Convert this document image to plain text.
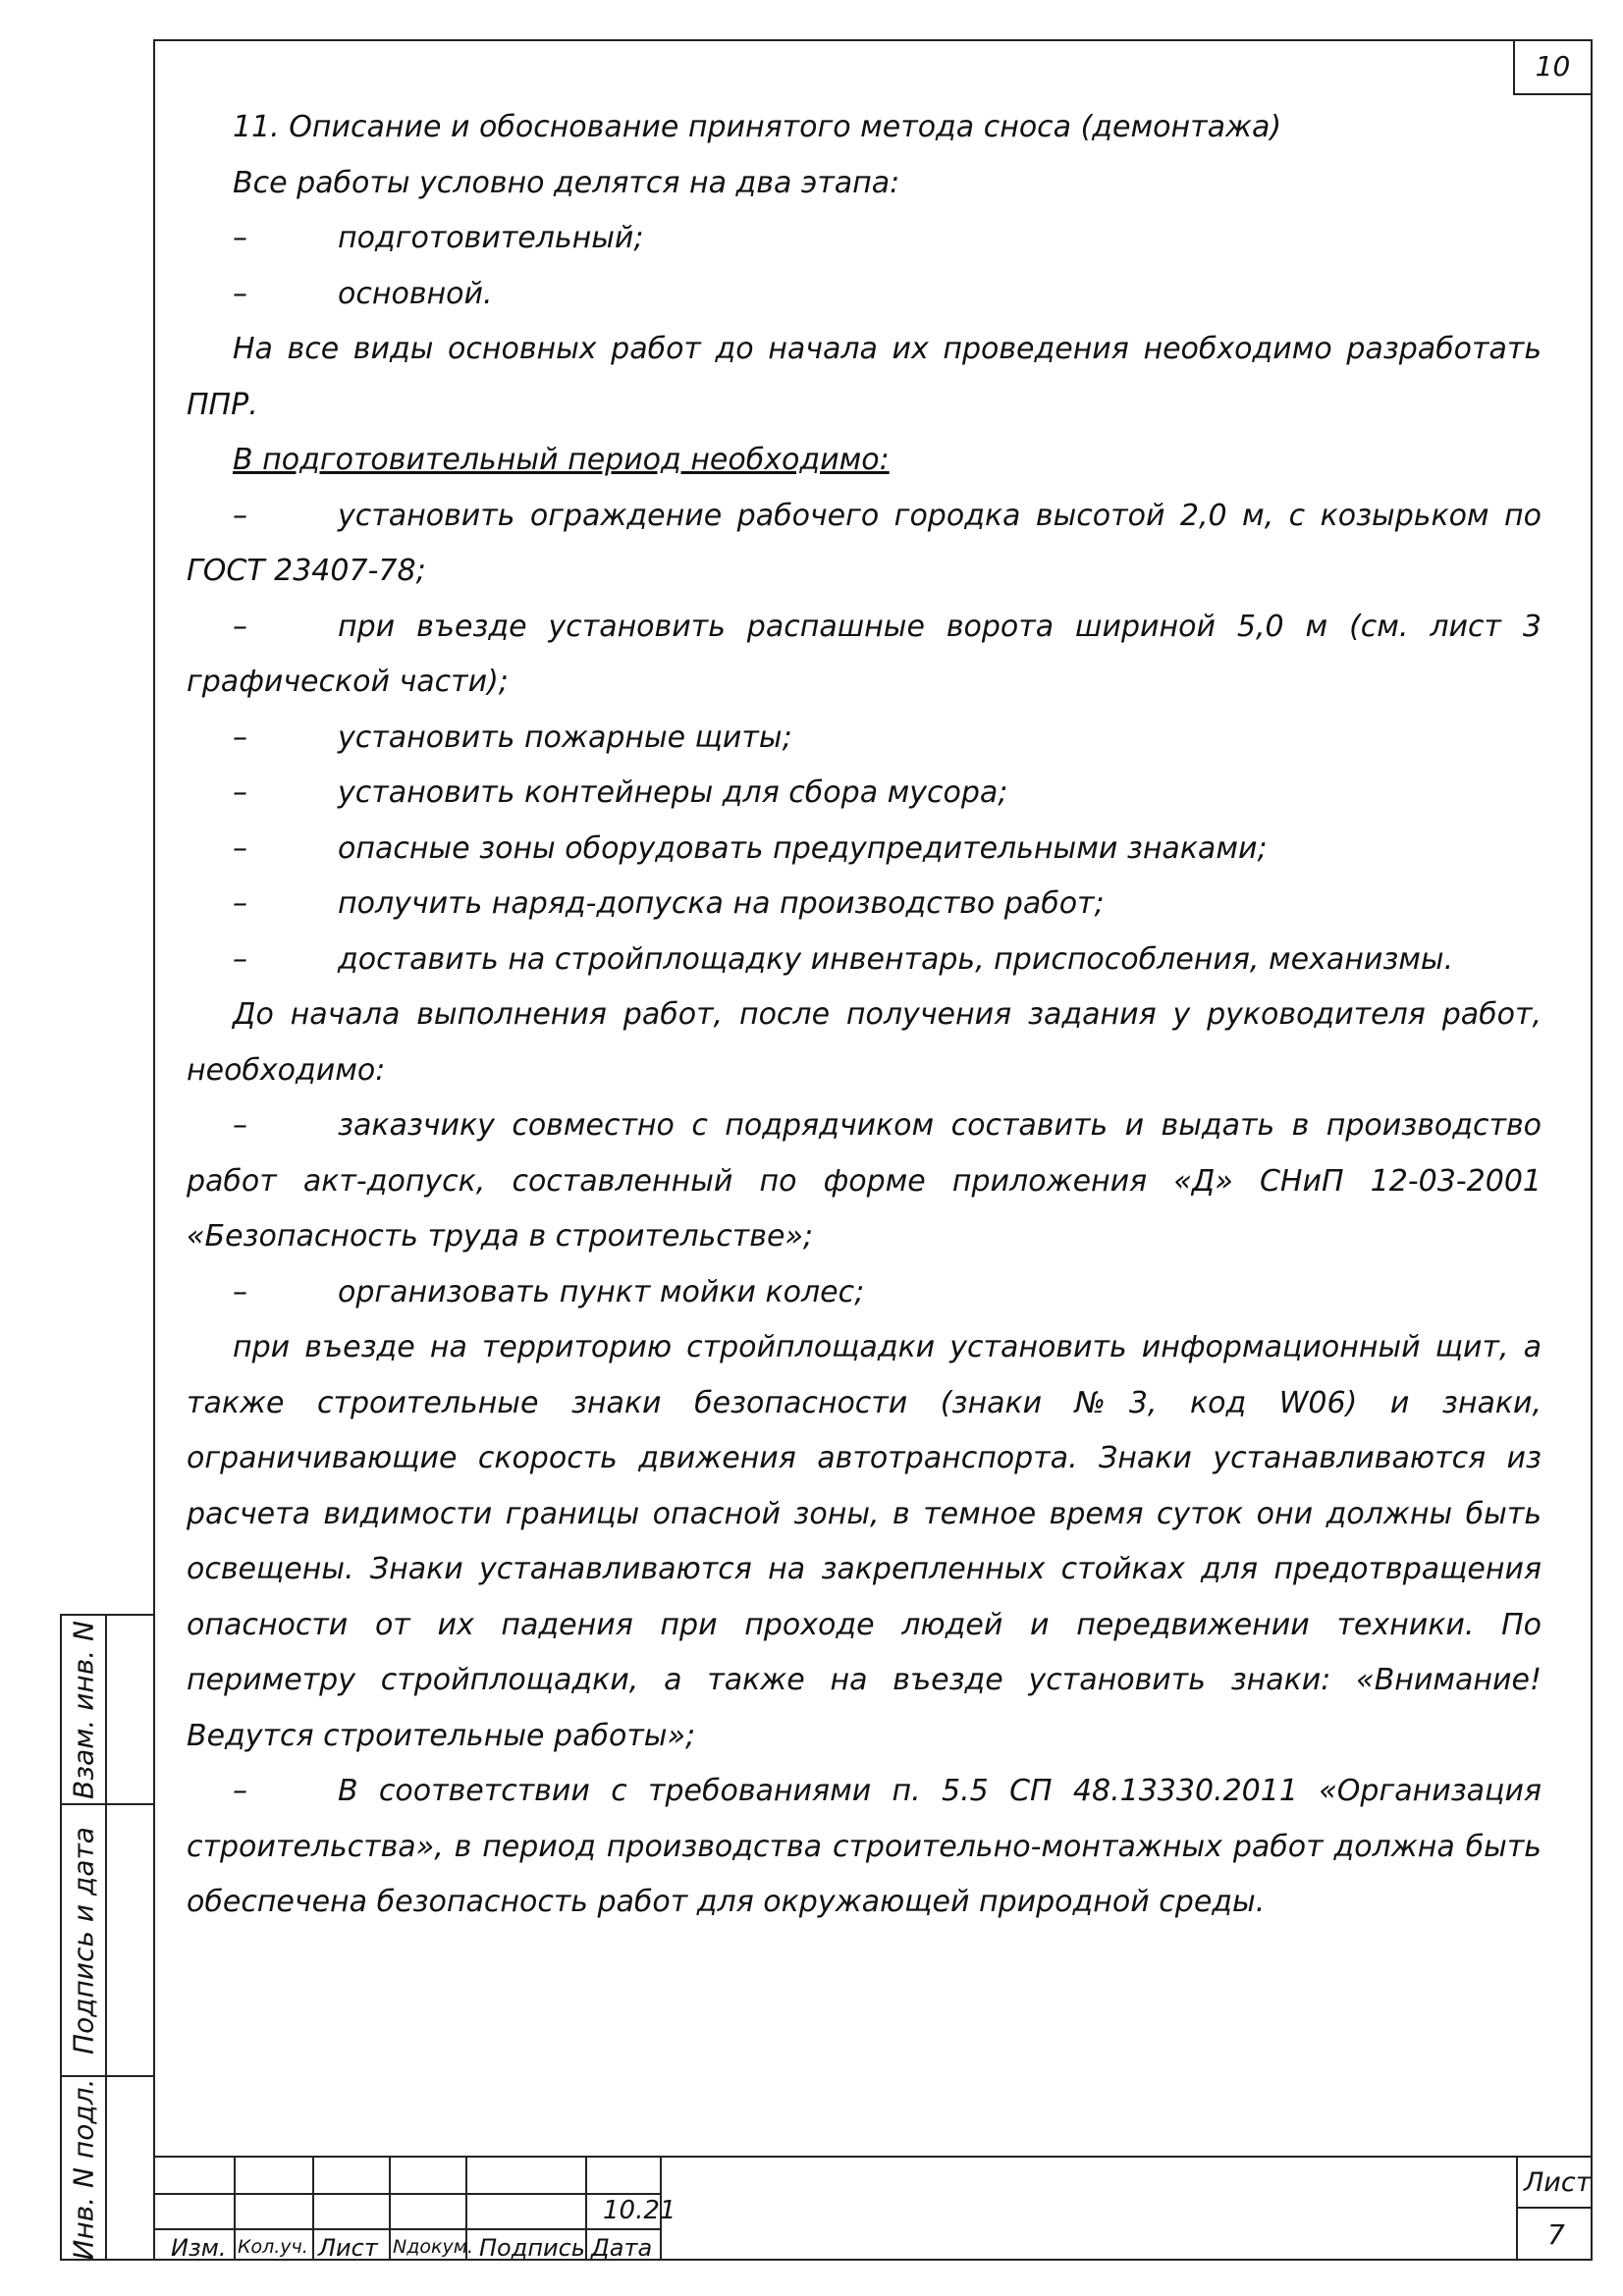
10

11. Описание и обоснование принятого метода сноса (демонтажа)

Все работы условно делятся на два этапа:

–	подготовительный;

–	основной.

На все виды основных работ до начала их проведения необходимо разработать ППР.

В подготовительный период необходимо:

–	установить ограждение рабочего городка высотой 2,0 м, с козырьком по ГОСТ 23407-78;

–	при въезде установить распашные ворота шириной 5,0 м (см. лист 3 графической части);

–	установить пожарные щиты;

–	установить контейнеры для сбора мусора;

–	опасные зоны оборудовать предупредительными знаками;

–	получить наряд-допуска на производство работ;

–	доставить на стройплощадку инвентарь, приспособления, механизмы.

До начала выполнения работ, после получения задания у руководителя работ, необходимо:

–	заказчику совместно с подрядчиком составить и выдать в производство работ акт-допуск, составленный по форме приложения «Д» СНиП 12-03-2001 «Безопасность труда в строительстве»;

–	организовать пункт мойки колес;

при въезде на территорию стройплощадки установить информационный щит, а также строительные знаки безопасности (знаки №3, код W06) и знаки, ограничивающие скорость движения автотранспорта. Знаки устанавливаются из расчета видимости границы опасной зоны, в темное время суток они должны быть освещены. Знаки устанавливаются на закрепленных стойках для предотвращения опасности от их падения при проходе людей и передвижении техники. По периметру стройплощадки, а также на въезде установить знаки: «Внимание! Ведутся строительные работы»;

–	В соответствии с требованиями п. 5.5 СП 48.13330.2011 «Организация строительства», в период производства строительно-монтажных работ должна быть обеспечена безопасность работ для окружающей природной среды.

Взам. инв. N
Подпись и дата
Инв. N подл.	10.21
Изм. Кол.уч. Лист Nдокум. Подпись Дата
Лист
7
